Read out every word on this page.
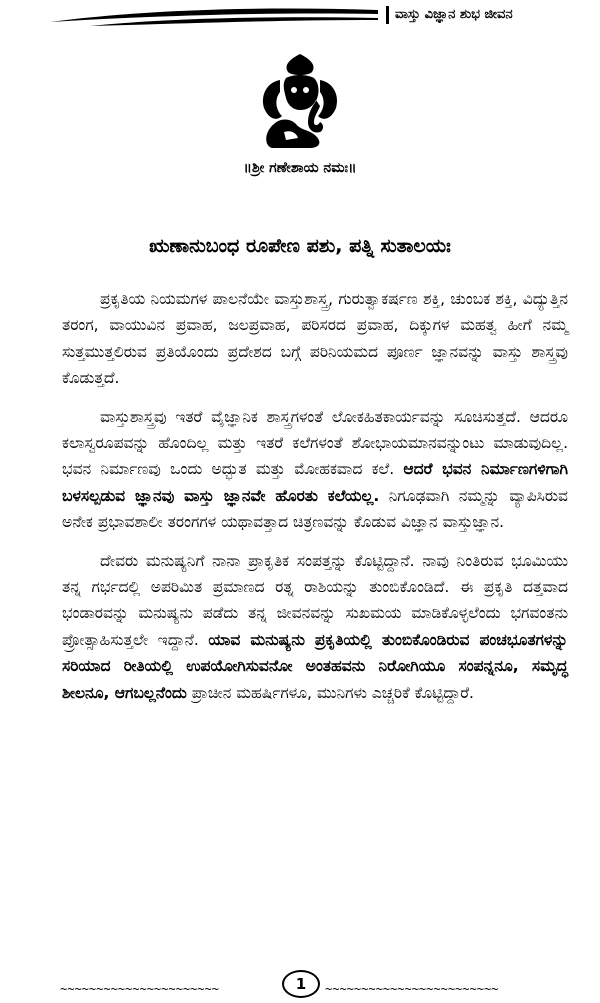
ವಾಸ್ತು ವಿಜ್ಞಾನ ಶುಭ ಜೀವನ
॥ಶ್ರೀ ಗಣೇಶಾಯ ನಮಃ॥
ಋಣಾನುಬಂಧ ರೂಪೇಣ ಪಶು, ಪತ್ನಿ ಸುತಾಲಯಃ

ಪ್ರಕೃತಿಯ ನಿಯಮಗಳ ಪಾಲನೆಯೇ ವಾಸ್ತುಶಾಸ್ತ್ರ, ಗುರುತ್ವಾಕರ್ಷಣ ಶಕ್ತಿ, ಚುಂಬಕ ಶಕ್ತಿ, ವಿದ್ಯುತ್ತಿನ ತರಂಗ, ವಾಯುವಿನ ಪ್ರವಾಹ, ಜಲಪ್ರವಾಹ, ಪರಿಸರದ ಪ್ರವಾಹ, ದಿಕ್ಕುಗಳ ಮಹತ್ವ ಹೀಗೆ ನಮ್ಮ ಸುತ್ತಮುತ್ತಲಿರುವ ಪ್ರತಿಯೊಂದು ಪ್ರದೇಶದ ಬಗ್ಗೆ ಪರಿನಿಯಮದ ಪೂರ್ಣ ಜ್ಞಾನವನ್ನು ವಾಸ್ತು ಶಾಸ್ತ್ರವು ಕೊಡುತ್ತದೆ.

ವಾಸ್ತುಶಾಸ್ತ್ರವು ಇತರೆ ವೈಜ್ಞಾನಿಕ ಶಾಸ್ತ್ರಗಳಂತೆ ಲೋಕಹಿತಕಾರ್ಯವನ್ನು ಸೂಚಿಸುತ್ತದೆ. ಆದರೂ ಕಲಾಸ್ವರೂಪವನ್ನು ಹೊಂದಿಲ್ಲ ಮತ್ತು ಇತರೆ ಕಲೆಗಳಂತೆ ಶೋಭಾಯಮಾನವನ್ನುಂಟು ಮಾಡುವುದಿಲ್ಲ. ಭವನ ನಿರ್ಮಾಣವು ಒಂದು ಅದ್ಭುತ ಮತ್ತು ಮೋಹಕವಾದ ಕಲೆ. ಆದರೆ ಭವನ ನಿರ್ಮಾಣಗಳಿಗಾಗಿ ಬಳಸಲ್ಪಡುವ ಜ್ಞಾನವು ವಾಸ್ತು ಜ್ಞಾನವೇ ಹೊರತು ಕಲೆಯಲ್ಲ. ನಿಗೂಢವಾಗಿ ನಮ್ಮನ್ನು ವ್ಯಾಪಿಸಿರುವ ಅನೇಕ ಪ್ರಭಾವಶಾಲೀ ತರಂಗಗಳ ಯಥಾವತ್ತಾದ ಚಿತ್ರಣವನ್ನು ಕೊಡುವ ವಿಜ್ಞಾನ ವಾಸ್ತುಜ್ಞಾನ.

ದೇವರು ಮನುಷ್ಯನಿಗೆ ನಾನಾ ಪ್ರಾಕೃತಿಕ ಸಂಪತ್ತನ್ನು ಕೊಟ್ಟಿದ್ದಾನೆ. ನಾವು ನಿಂತಿರುವ ಭೂಮಿಯು ತನ್ನ ಗರ್ಭದಲ್ಲಿ ಅಪರಿಮಿತ ಪ್ರಮಾಣದ ರತ್ನ ರಾಶಿಯನ್ನು ತುಂಬಿಕೊಂಡಿದೆ. ಈ ಪ್ರಕೃತಿ ದತ್ತವಾದ ಭಂಡಾರವನ್ನು ಮನುಷ್ಯನು ಪಡೆದು ತನ್ನ ಜೀವನವನ್ನು ಸುಖಮಯ ಮಾಡಿಕೊಳ್ಳಲೆಂದು ಭಗವಂತನು ಪ್ರೋತ್ಸಾಹಿಸುತ್ತಲೇ ಇದ್ದಾನೆ. ಯಾವ ಮನುಷ್ಯನು ಪ್ರಕೃತಿಯಲ್ಲಿ ತುಂಬಿಕೊಂಡಿರುವ ಪಂಚಭೂತಗಳನ್ನು ಸರಿಯಾದ ರೀತಿಯಲ್ಲಿ ಉಪಯೋಗಿಸುವನೋ ಅಂತಹವನು ನಿರೋಗಿಯೂ ಸಂಪನ್ನನೂ, ಸಮೃದ್ಧ ಶೀಲನೂ, ಆಗಬಲ್ಲನೆಂದು ಪ್ರಾಚೀನ ಮಹರ್ಷಿಗಳೂ, ಮುನಿಗಳು ಎಚ್ಚರಿಕೆ ಕೊಟ್ಟಿದ್ದಾರೆ.

~~~~~~~~~~~~~~~~~~~~~~	1	~~~~~~~~~~~~~~~~~~~~~~~~
